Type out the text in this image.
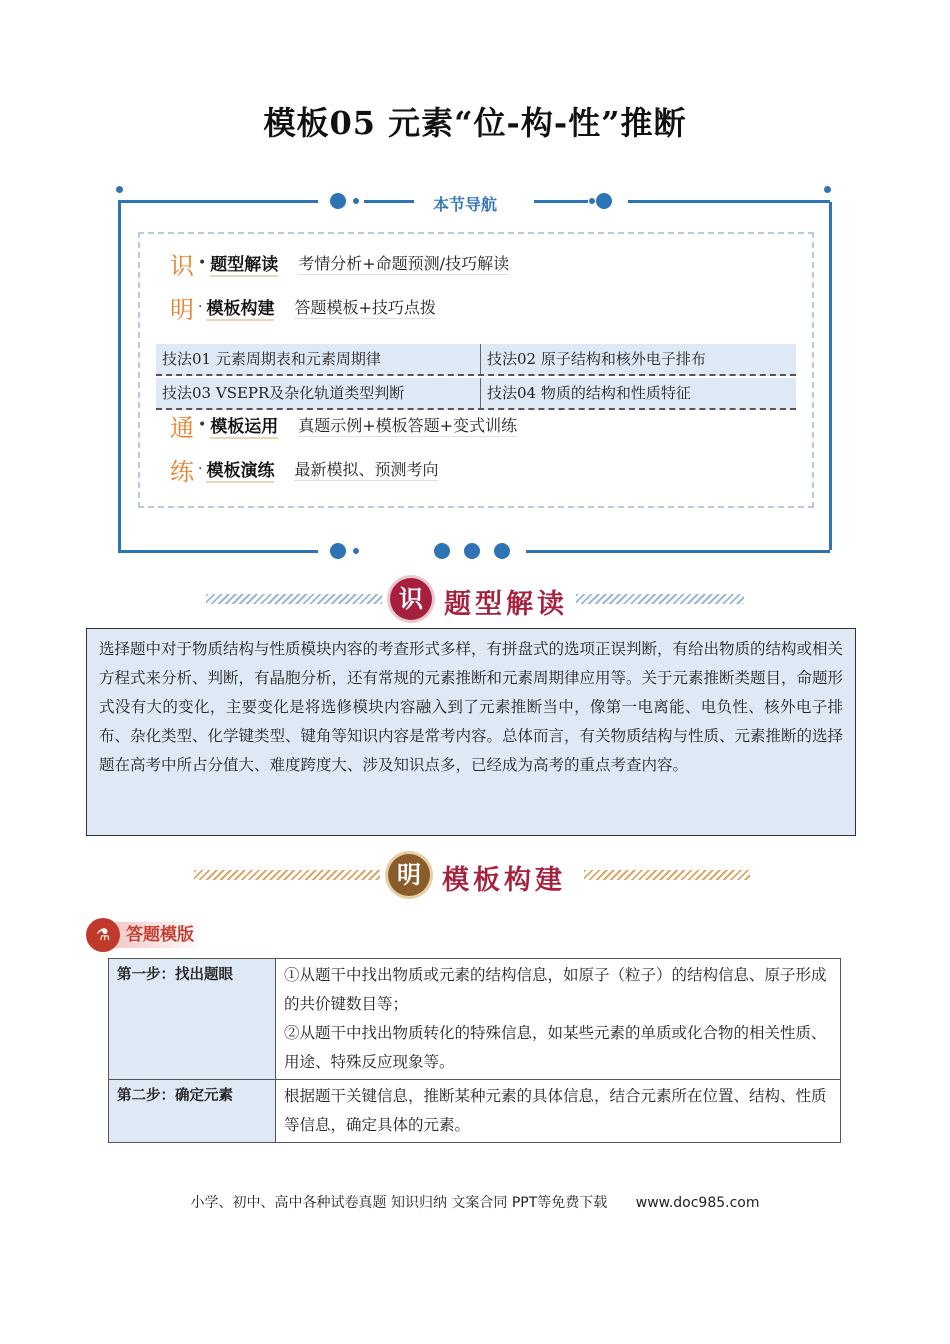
模板05 元素“位-构-性”推断
本节导航
识 • 题型解读 考情分析+命题预测/技巧解读
明 · 模板构建 答题模板+技巧点拨
技法01 元素周期表和元素周期律	技法02 原子结构和核外电子排布
技法03 VSEPR及杂化轨道类型判断	技法04 物质的结构和性质特征
通 • 模板运用 真题示例+模板答题+变式训练
练 · 模板演练 最新模拟、预测考向
识 题型解读
选择题中对于物质结构与性质模块内容的考查形式多样，有拼盘式的选项正误判断，有给出物质的结构或相关方程式来分析、判断，有晶胞分析，还有常规的元素推断和元素周期律应用等。关于元素推断类题目，命题形式没有大的变化，主要变化是将选修模块内容融入到了元素推断当中，像第一电离能、电负性、核外电子排布、杂化类型、化学键类型、键角等知识内容是常考内容。总体而言，有关物质结构与性质、元素推断的选择题在高考中所占分值大、难度跨度大、涉及知识点多，已经成为高考的重点考查内容。
明 模板构建
答题模版
⚗
第一步：找出题眼	①从题干中找出物质或元素的结构信息，如原子（粒子）的结构信息、原子形成的共价键数目等；
②从题干中找出物质转化的特殊信息，如某些元素的单质或化合物的相关性质、用途、特殊反应现象等。

第二步：确定元素	根据题干关键信息，推断某种元素的具体信息，结合元素所在位置、结构、性质等信息，确定具体的元素。
小学、初中、高中各种试卷真题 知识归纳 文案合同 PPT等免费下载 www.doc985.com
